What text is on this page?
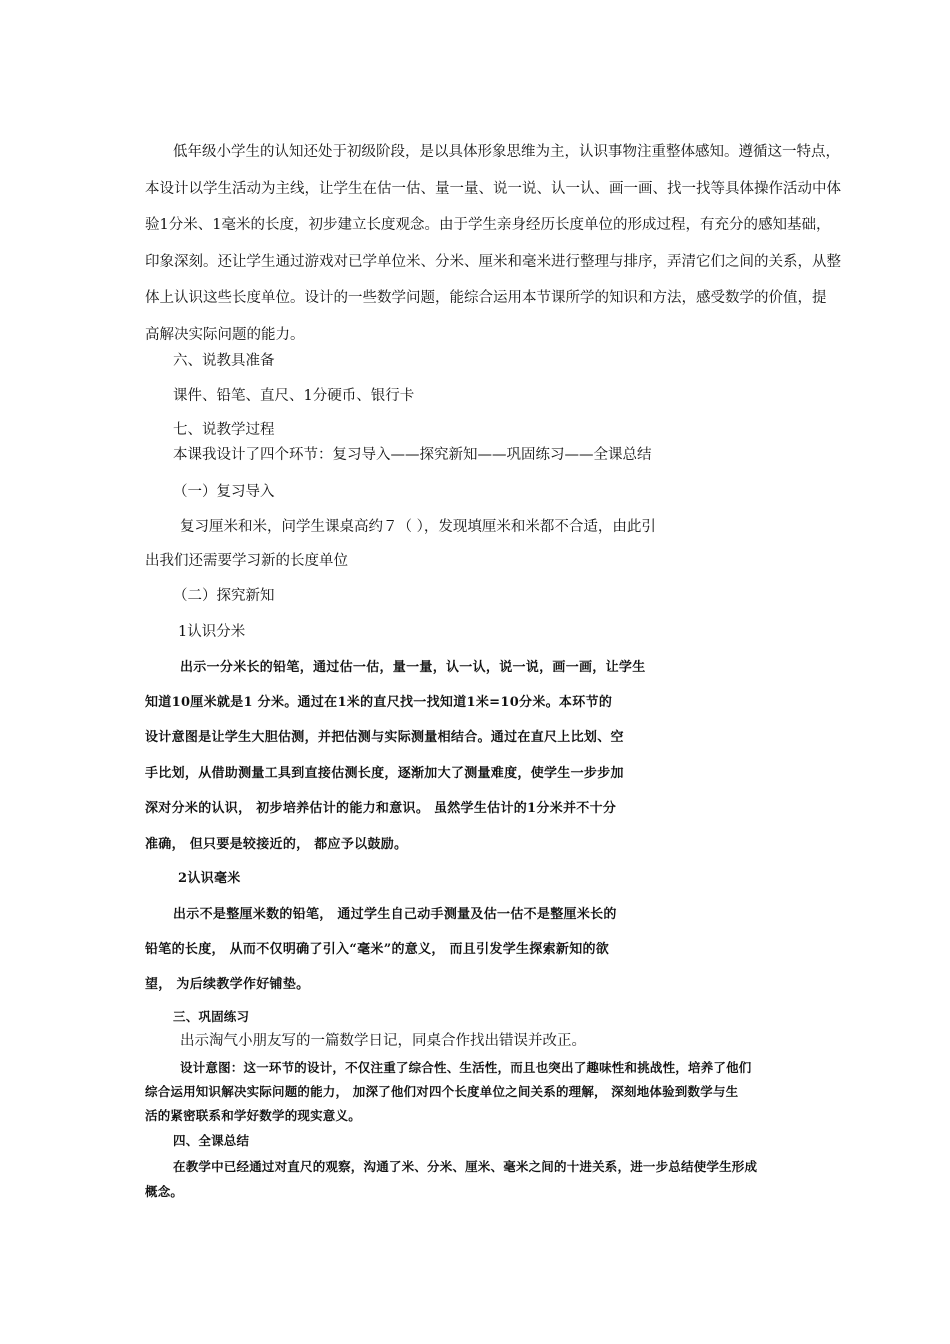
低年级小学生的认知还处于初级阶段，是以具体形象思维为主，认识事物注重整体感知。遵循这一特点，
本设计以学生活动为主线，让学生在估一估、量一量、说一说、认一认、画一画、找一找等具体操作活动中体
验1分米、1毫米的长度，初步建立长度观念。由于学生亲身经历长度单位的形成过程，有充分的感知基础，
印象深刻。还让学生通过游戏对已学单位米、分米、厘米和毫米进行整理与排序，弄清它们之间的关系，从整
体上认识这些长度单位。设计的一些数学问题，能综合运用本节课所学的知识和方法，感受数学的价值，提
高解决实际问题的能力。

六、说教具准备

课件、铅笔、直尺、1分硬币、银行卡

七、说教学过程

本课我设计了四个环节：复习导入——探究新知——巩固练习——全课总结

（一）复习导入

复习厘米和米，问学生课桌高约７（ ），发现填厘米和米都不合适，由此引

出我们还需要学习新的长度单位

（二）探究新知

1认识分米

出示一分米长的铅笔，通过估一估，量一量，认一认，说一说，画一画，让学生

知道10厘米就是1 分米。通过在1米的直尺找一找知道1米=10分米。本环节的

设计意图是让学生大胆估测，并把估测与实际测量相结合。通过在直尺上比划、空

手比划，从借助测量工具到直接估测长度，逐渐加大了测量难度，使学生一步步加

深对分米的认识， 初步培养估计的能力和意识。 虽然学生估计的1分米并不十分

准确， 但只要是较接近的， 都应予以鼓励。

2认识毫米

出示不是整厘米数的铅笔， 通过学生自己动手测量及估一估不是整厘米长的

铅笔的长度， 从而不仅明确了引入“毫米”的意义， 而且引发学生探索新知的欲

望， 为后续教学作好铺垫。

三、巩固练习

出示淘气小朋友写的一篇数学日记，同桌合作找出错误并改正。

设计意图：这一环节的设计，不仅注重了综合性、生活性，而且也突出了趣味性和挑战性，培养了他们

综合运用知识解决实际问题的能力， 加深了他们对四个长度单位之间关系的理解， 深刻地体验到数学与生

活的紧密联系和学好数学的现实意义。

四、全课总结

在教学中已经通过对直尺的观察，沟通了米、分米、厘米、毫米之间的十进关系，进一步总结使学生形成

概念。
